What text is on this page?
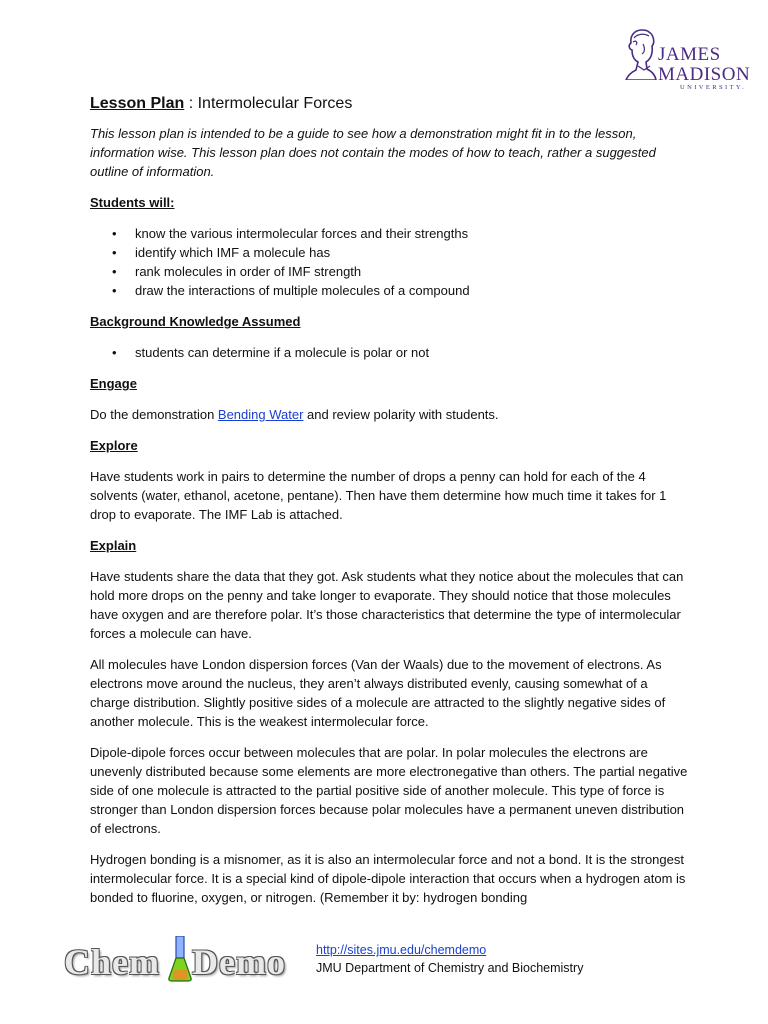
JAMES
MADISON
UNIVERSITY.
Lesson Plan : Intermolecular Forces

This lesson plan is intended to be a guide to see how a demonstration might fit in to the lesson, information wise. This lesson plan does not contain the modes of how to teach, rather a suggested outline of information.

Students will:
• know the various intermolecular forces and their strengths
• identify which IMF a molecule has
• rank molecules in order of IMF strength
• draw the interactions of multiple molecules of a compound
Background Knowledge Assumed
• students can determine if a molecule is polar or not
Engage

Do the demonstration Bending Water and review polarity with students.

Explore

Have students work in pairs to determine the number of drops a penny can hold for each of the 4 solvents (water, ethanol, acetone, pentane). Then have them determine how much time it takes for 1 drop to evaporate. The IMF Lab is attached.

Explain

Have students share the data that they got. Ask students what they notice about the molecules that can hold more drops on the penny and take longer to evaporate. They should notice that those molecules have oxygen and are therefore polar. It’s those characteristics that determine the type of intermolecular forces a molecule can have.

All molecules have London dispersion forces (Van der Waals) due to the movement of electrons. As electrons move around the nucleus, they aren’t always distributed evenly, causing somewhat of a charge distribution. Slightly positive sides of a molecule are attracted to the slightly negative sides of another molecule. This is the weakest intermolecular force.

Dipole-dipole forces occur between molecules that are polar. In polar molecules the electrons are unevenly distributed because some elements are more electronegative than others. The partial negative side of one molecule is attracted to the partial positive side of another molecule. This type of force is stronger than London dispersion forces because polar molecules have a permanent uneven distribution of electrons.

Hydrogen bonding is a misnomer, as it is also an intermolecular force and not a bond. It is the strongest intermolecular force. It is a special kind of dipole-dipole interaction that occurs when a hydrogen atom is bonded to fluorine, oxygen, or nitrogen. (Remember it by: hydrogen bonding

Chem Demo http://sites.jmu.edu/chemdemo
JMU Department of Chemistry and Biochemistry
